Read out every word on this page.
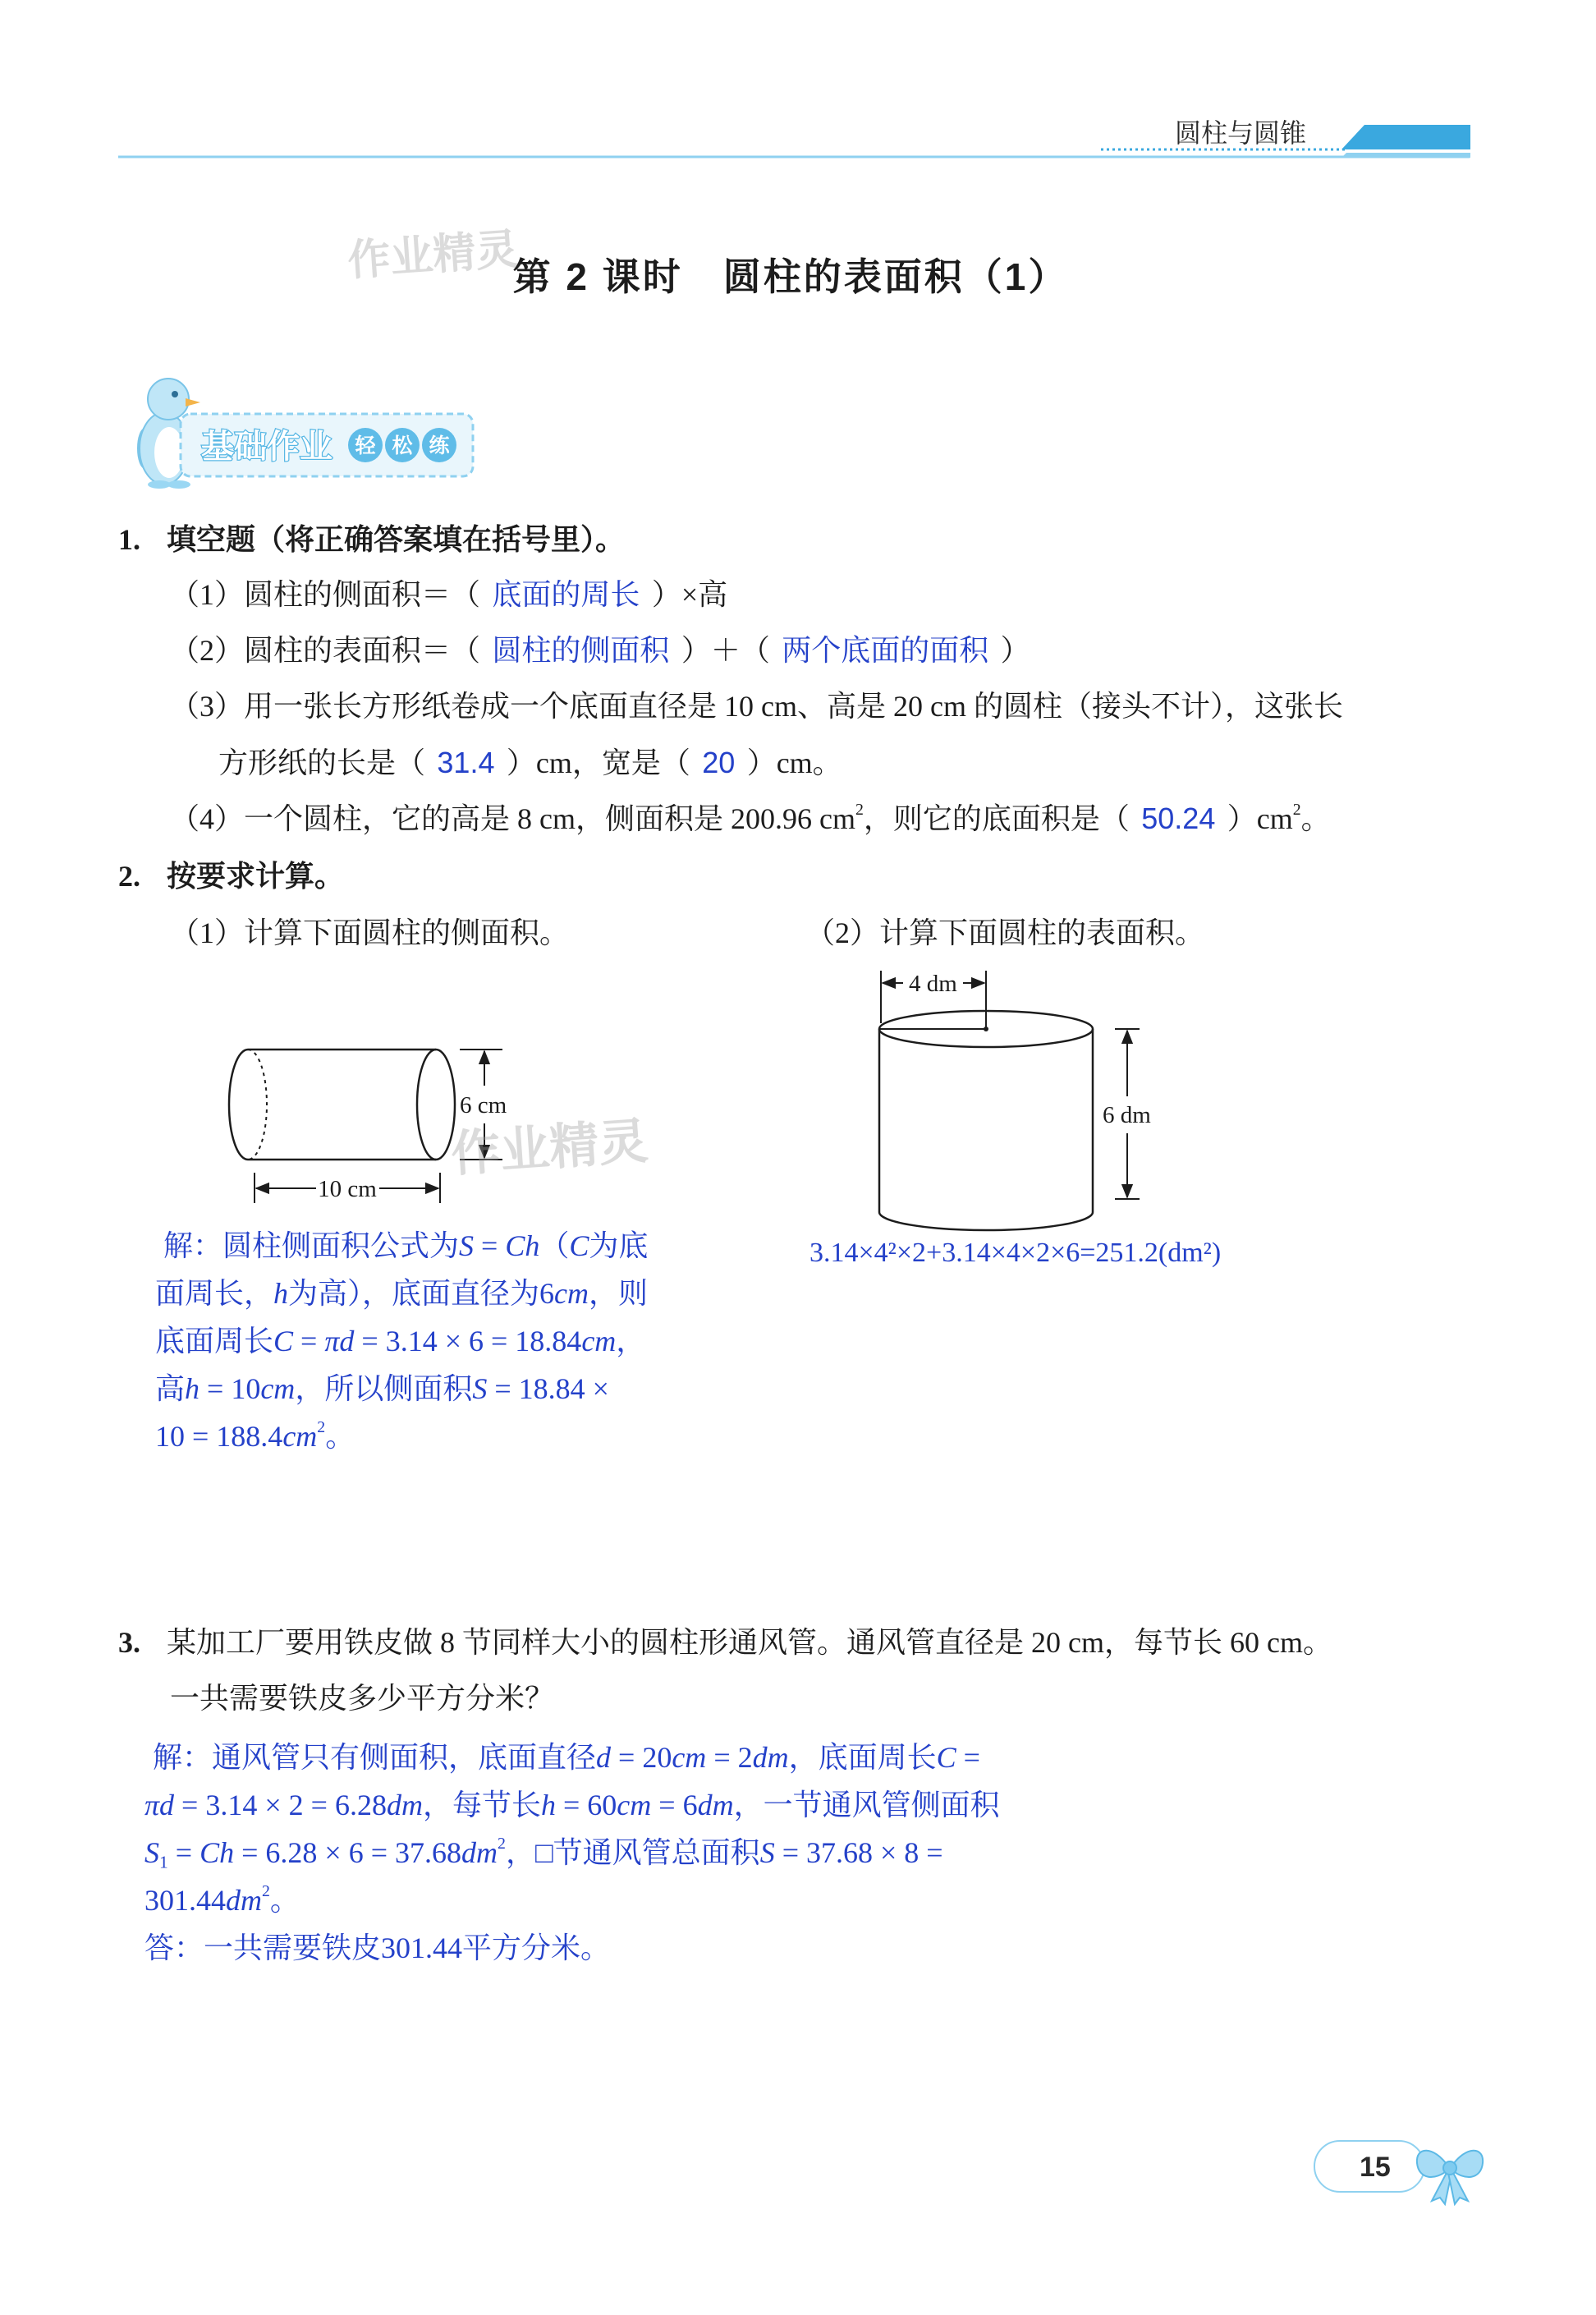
圆柱与圆锥
作业精灵
第 2 课时　圆柱的表面积（1）
基础作业 轻 松 练
1. 填空题（将正确答案填在括号里）。
（1）圆柱的侧面积＝（ 底面的周长 ）×高
（2）圆柱的表面积＝（ 圆柱的侧面积 ）＋（ 两个底面的面积 ）
（3）用一张长方形纸卷成一个底面直径是 10 cm、高是 20 cm 的圆柱（接头不计），这张长
方形纸的长是（ 31.4 ）cm，宽是（ 20 ）cm。
（4）一个圆柱，它的高是 8 cm，侧面积是 200.96 $cm^2$，则它的底面积是（ 50.24 ）$cm^2$。
2. 按要求计算。
（1）计算下面圆柱的侧面积。	（2）计算下面圆柱的表面积。
6 cm
10 cm
作业精灵
4 dm
6 dm
解：圆柱侧面积公式为S = Ch（C为底
面周长，h为高），底面直径为6cm，则
底面周长C = πd = 3.14 × 6 = 18.84cm，
高h = 10cm，所以侧面积S = 18.84 ×
$10 = 188.4cm^2$。
3.14×4²×2+3.14×4×2×6=251.2(dm²)
3. 某加工厂要用铁皮做 8 节同样大小的圆柱形通风管。通风管直径是 20 cm，每节长 60 cm。
一共需要铁皮多少平方分米？
解：通风管只有侧面积，底面直径d = 20cm = 2dm，底面周长C =
πd = 3.14 × 2 = 6.28dm，每节长h = 60cm = 6dm，一节通风管侧面积
$S1 = Ch = 6.28 \times 6 = 37.68dm^2$，□节通风管总面积S = 37.68 × 8 =
$301.44dm^2$。
答：一共需要铁皮301.44平方分米。
15
